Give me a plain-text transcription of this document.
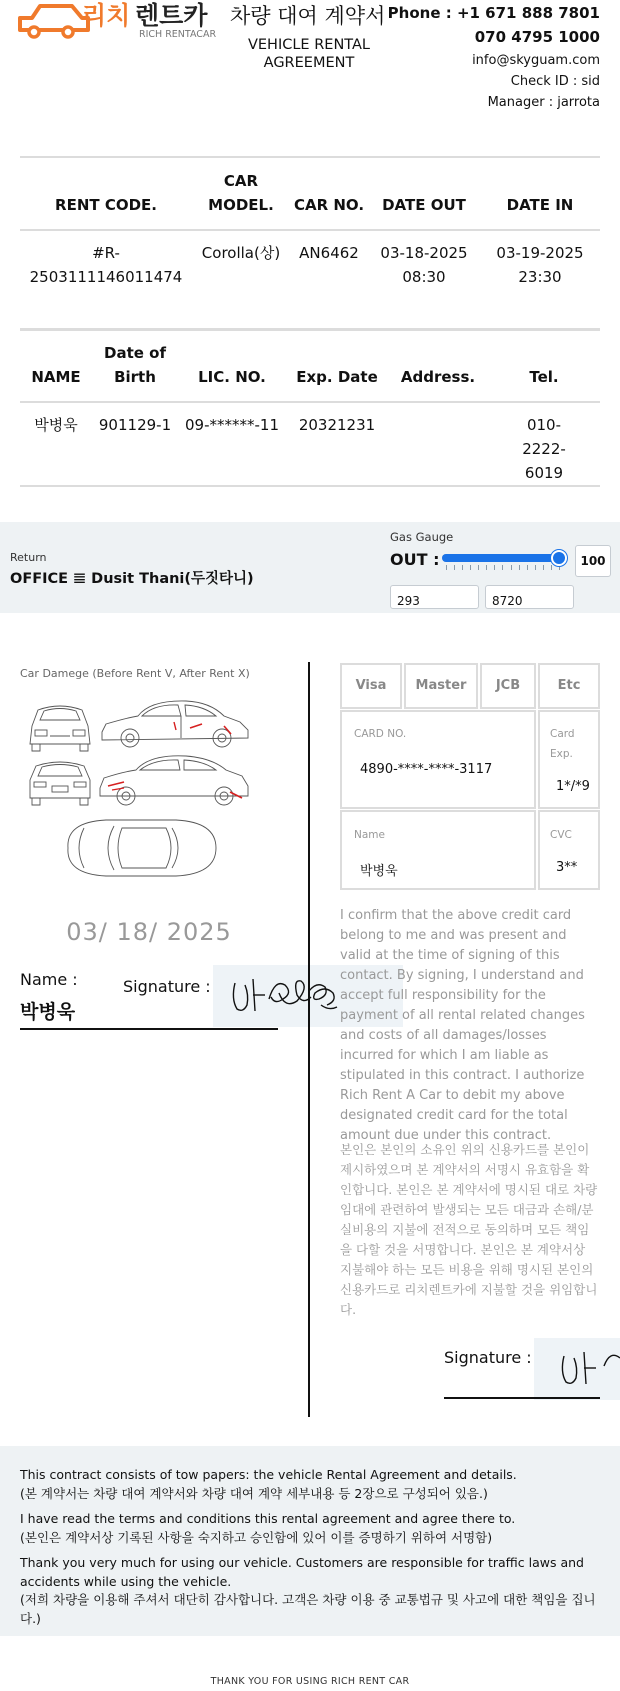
리치 렌트카
RICH RENTACAR
차량 대여 계약서
VEHICLE RENTAL AGREEMENT
Phone : +1 671 888 7801
070 4795 1000
info@skyguam.com
Check ID : sid
Manager : jarrota
RENT CODE.	CAR MODEL.	CAR NO.	DATE OUT	DATE IN
#R-2503111146011474	Corolla(상)	AN6462	03-18-2025 08:30	03-19-2025 23:30
NAME	Date of Birth	LIC. NO.	Exp. Date	Address.	Tel.
박병욱	901129-1	09-******-11	20321231		010-2222-6019
Return
OFFICE 𝌆 Dusit Thani(두짓타니)
Gas Gauge
OUT :	100
293	8720
Car Damege (Before Rent V, After Rent X)
03/ 18/ 2025
Name :
박병욱
Signature :
Visa	Master	JCB	Etc
CARD NO.
4890-****-****-3117
Card
Exp.
1*/*9
Name
박병욱
CVC
3**
I confirm that the above credit card belong to me and was present and valid at the time of signing of this contact. By signing, I understand and accept full responsibility for the payment of all rental related changes and costs of all damages/losses incurred for which I am liable as stipulated in this contract. I authorize Rich Rent A Car to debit my above designated credit card for the total amount due under this contract.
본인은 본인의 소유인 위의 신용카드를 본인이 제시하였으며 본 계약서의 서명시 유효함을 확인합니다. 본인은 본 계약서에 명시된 대로 차량 임대에 관련하여 발생되는 모든 대금과 손해/분실비용의 지불에 전적으로 동의하며 모든 책임을 다할 것을 서명합니다. 본인은 본 계약서상 지불해야 하는 모든 비용을 위해 명시된 본인의 신용카드로 리치렌트카에 지불할 것을 위임합니다.
Signature :

This contract consists of tow papers: the vehicle Rental Agreement and details.
(본 계약서는 차량 대여 계약서와 차량 대여 계약 세부내용 등 2장으로 구성되어 있음.)

I have read the terms and conditions this rental agreement and agree there to.
(본인은 계약서상 기록된 사항을 숙지하고 승인함에 있어 이를 증명하기 위하여 서명함)

Thank you very much for using our vehicle. Customers are responsible for traffic laws and accidents while using the vehicle.
(저희 차량을 이용해 주셔서 대단히 감사합니다. 고객은 차량 이용 중 교통법규 및 사고에 대한 책임을 집니다.)

THANK YOU FOR USING RICH RENT CAR
